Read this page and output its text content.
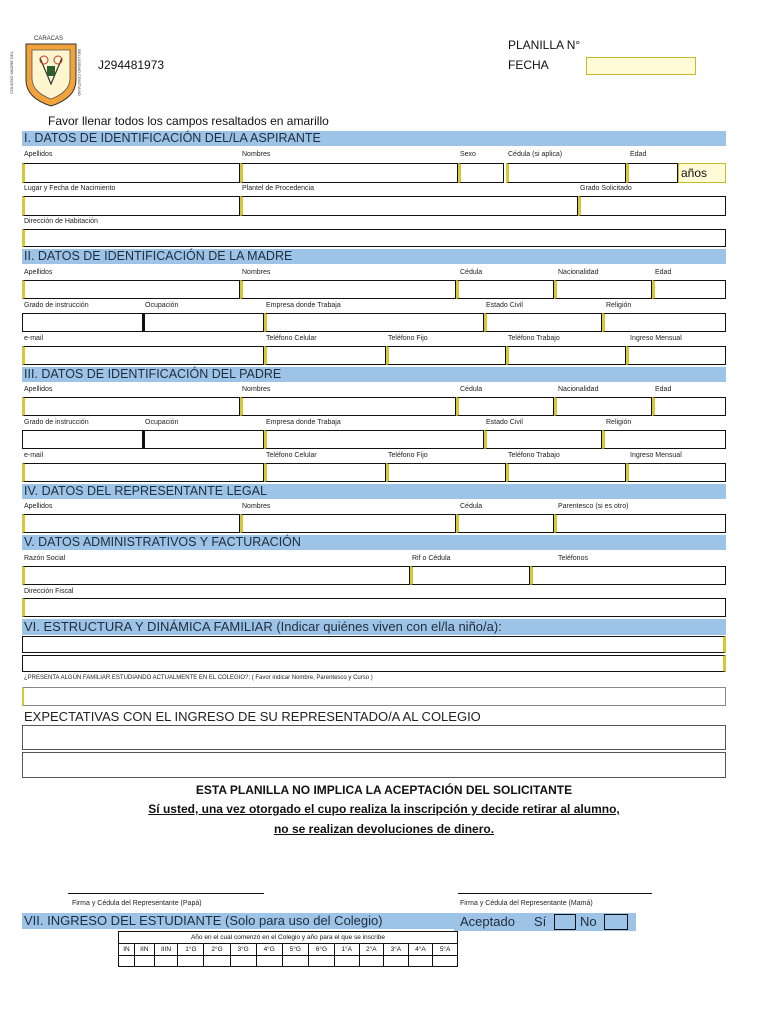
CARACAS
COLEGIO MADRE DEL	BELLISSIMO CRISTIANO J294481973
PLANILLA N°
FECHA
Favor llenar todos los campos resaltados en amarillo
I. DATOS DE IDENTIFICACIÓN DEL/LA ASPIRANTE
Apellidos	Nombres	Sexo	Cédula (si aplica)	Edad
años
Lugar y Fecha de Nacimiento	Plantel de Procedencia	Grado Solicitado
Dirección de Habitación
II. DATOS DE IDENTIFICACIÓN DE LA MADRE
Apellidos	Nombres	Cédula	Nacionalidad	Edad
Grado de instrucción	Ocupación	Empresa donde Trabaja	Estado Civil	Religión
e-mail	Teléfono Celular	Teléfono Fijo	Teléfono Trabajo	Ingreso Mensual
III. DATOS DE IDENTIFICACIÓN DEL PADRE
Apellidos	Nombres	Cédula	Nacionalidad	Edad
Grado de instrucción	Ocupación	Empresa donde Trabaja	Estado Civil	Religión
e-mail	Teléfono Celular	Teléfono Fijo	Teléfono Trabajo	Ingreso Mensual
IV. DATOS DEL REPRESENTANTE LEGAL
Apellidos	Nombres	Cédula	Parentesco (si es otro)
V. DATOS ADMINISTRATIVOS Y FACTURACIÓN
Razón Social	Rif o Cédula	Teléfonos
Dirección Fiscal
VI. ESTRUCTURA Y DINÁMICA FAMILIAR (Indicar quiénes viven con el/la niño/a):
¿PRESENTA ALGÚN FAMILIAR ESTUDIANDO ACTUALMENTE EN EL COLEGIO?: ( Favor indicar Nombre, Parentesco y Curso )
EXPECTATIVAS CON EL INGRESO DE SU REPRESENTADO/A AL COLEGIO
ESTA PLANILLA NO IMPLICA LA ACEPTACIÓN DEL SOLICITANTE
Sí usted, una vez otorgado el cupo realiza la inscripción y decide retirar al alumno,
no se realizan devoluciones de dinero.
Firma y Cédula del Representante (Papá)	Firma y Cédula del Representante (Mamá)
VII. INGRESO DEL ESTUDIANTE (Solo para uso del Colegio)	Aceptado Sí	No
Año en el cual comenzó en el Colegio y año para el que se inscribe													
IN	IIN	IIIN	1°G	2°G	3°G	4°G	5°G	6°G	1°A	2°A	3°A	4°A	5°A
